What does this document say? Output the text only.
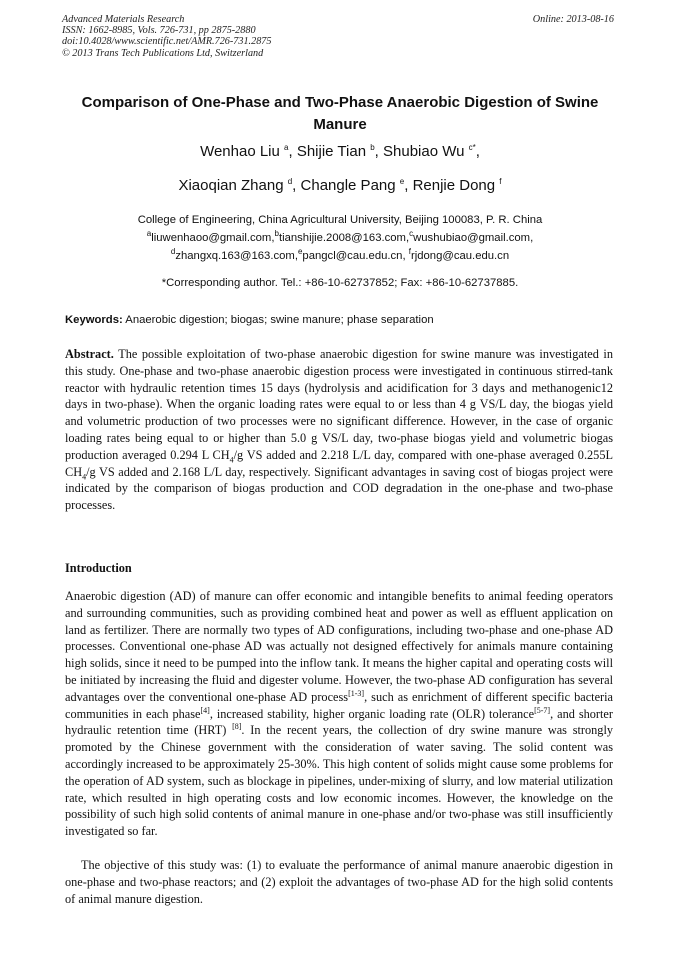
Advanced Materials Research
ISSN: 1662-8985, Vols. 726-731, pp 2875-2880
doi:10.4028/www.scientific.net/AMR.726-731.2875
© 2013 Trans Tech Publications Ltd, Switzerland
Online: 2013-08-16
Comparison of One-Phase and Two-Phase Anaerobic Digestion of Swine Manure
Wenhao Liu $^a$, Shijie Tian $^b$, Shubiao Wu $^{c*}$,
Xiaoqian Zhang $^d$, Changle Pang $^e$, Renjie Dong $^f$
College of Engineering, China Agricultural University, Beijing 100083, P. R. China
$^a$liuwenhaoo@gmail.com,$^b$tianshijie.2008@163.com,$^c$wushubiao@gmail.com,
$^d$zhangxq.163@163.com,$^e$pangcl@cau.edu.cn, $^f$rjdong@cau.edu.cn
*Corresponding author. Tel.: +86-10-62737852; Fax: +86-10-62737885.
Keywords: Anaerobic digestion; biogas; swine manure; phase separation
Abstract. The possible exploitation of two-phase anaerobic digestion for swine manure was investigated in this study. One-phase and two-phase anaerobic digestion process were investigated in continuous stirred-tank reactor with hydraulic retention times 15 days (hydrolysis and acidification for 3 days and methanogenic12 days in two-phase). When the organic loading rates were equal to or less than 4 g VS/L day, the biogas yield and volumetric production of two processes were no significant difference. However, in the case of organic loading rates being equal to or higher than 5.0 g VS/L day, two-phase biogas yield and volumetric biogas production averaged 0.294 L $CH_4/g$ VS added and 2.218 L/L day, compared with one-phase averaged 0.255L $CH_4/g$ VS added and 2.168 L/L day, respectively. Significant advantages in saving cost of biogas project were indicated by the comparison of biogas production and COD degradation in the one-phase and two-phase processes.
Introduction

Anaerobic digestion (AD) of manure can offer economic and intangible benefits to animal feeding operators and surrounding communities, such as providing combined heat and power as well as effluent application on land as fertilizer. There are normally two types of AD configurations, including two-phase and one-phase AD processes. Conventional one-phase AD was actually not designed effectively for animals manure containing high solids, since it need to be pumped into the inflow tank. It means the higher capital and operating costs will be initiated by increasing the fluid and digester volume. However, the two-phase AD configuration has several advantages over the conventional one-phase AD process[1-3], such as enrichment of different specific bacteria communities in each phase[4], increased stability, higher organic loading rate (OLR) tolerance[5-7], and shorter hydraulic retention time (HRT) [8]. In the recent years, the collection of dry swine manure was strongly promoted by the Chinese government with the consideration of water saving. The solid content was accordingly increased to be approximately 25-30%. This high content of solids might cause some problems for the operation of AD system, such as blockage in pipelines, under-mixing of slurry, and low material utilization rate, which resulted in high operating costs and low economic incomes. However, the knowledge on the possibility of such high solid contents of animal manure in one-phase and/or two-phase was still insufficiently investigated so far.

The objective of this study was: (1) to evaluate the performance of animal manure anaerobic digestion in one-phase and two-phase reactors; and (2) exploit the advantages of two-phase AD for the high solid contents of animal manure digestion.
